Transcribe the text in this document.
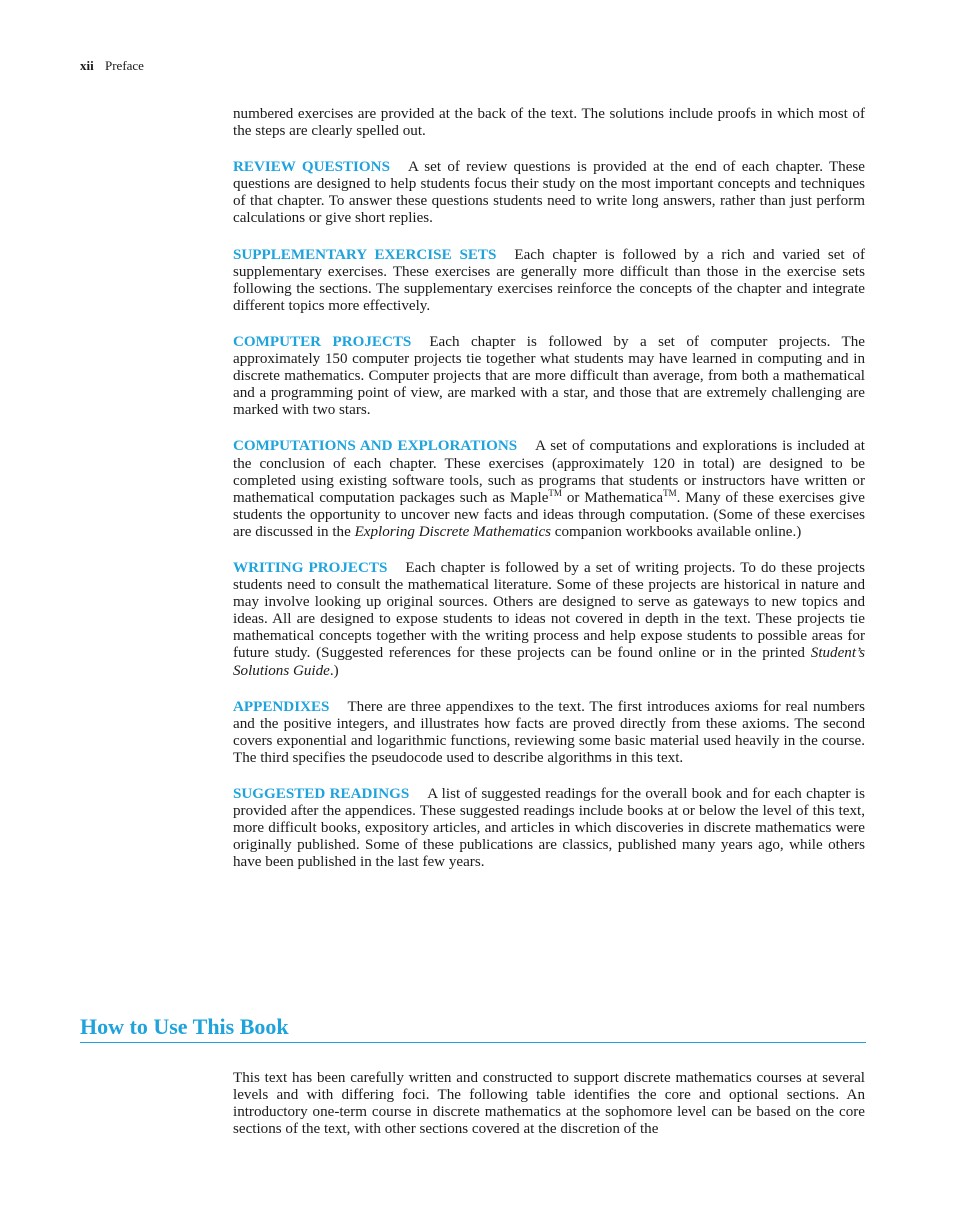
xii Preface

numbered exercises are provided at the back of the text. The solutions include proofs in which most of the steps are clearly spelled out.

REVIEW QUESTIONS A set of review questions is provided at the end of each chapter. These questions are designed to help students focus their study on the most important concepts and techniques of that chapter. To answer these questions students need to write long answers, rather than just perform calculations or give short replies.

SUPPLEMENTARY EXERCISE SETS Each chapter is followed by a rich and varied set of supplementary exercises. These exercises are generally more difficult than those in the exercise sets following the sections. The supplementary exercises reinforce the concepts of the chapter and integrate different topics more effectively.

COMPUTER PROJECTS Each chapter is followed by a set of computer projects. The approximately 150 computer projects tie together what students may have learned in computing and in discrete mathematics. Computer projects that are more difficult than average, from both a mathematical and a programming point of view, are marked with a star, and those that are extremely challenging are marked with two stars.

COMPUTATIONS AND EXPLORATIONS A set of computations and explorations is included at the conclusion of each chapter. These exercises (approximately 120 in total) are designed to be completed using existing software tools, such as programs that students or instructors have written or mathematical computation packages such as Maple™ or Mathematica™. Many of these exercises give students the opportunity to uncover new facts and ideas through computation. (Some of these exercises are discussed in the Exploring Discrete Mathematics companion workbooks available online.)

WRITING PROJECTS Each chapter is followed by a set of writing projects. To do these projects students need to consult the mathematical literature. Some of these projects are historical in nature and may involve looking up original sources. Others are designed to serve as gateways to new topics and ideas. All are designed to expose students to ideas not covered in depth in the text. These projects tie mathematical concepts together with the writing process and help expose students to possible areas for future study. (Suggested references for these projects can be found online or in the printed Student’s Solutions Guide.)

APPENDIXES There are three appendixes to the text. The first introduces axioms for real numbers and the positive integers, and illustrates how facts are proved directly from these axioms. The second covers exponential and logarithmic functions, reviewing some basic material used heavily in the course. The third specifies the pseudocode used to describe algorithms in this text.

SUGGESTED READINGS A list of suggested readings for the overall book and for each chapter is provided after the appendices. These suggested readings include books at or below the level of this text, more difficult books, expository articles, and articles in which discoveries in discrete mathematics were originally published. Some of these publications are classics, published many years ago, while others have been published in the last few years.

How to Use This Book

This text has been carefully written and constructed to support discrete mathematics courses at several levels and with differing foci. The following table identifies the core and optional sections. An introductory one-term course in discrete mathematics at the sophomore level can be based on the core sections of the text, with other sections covered at the discretion of the
